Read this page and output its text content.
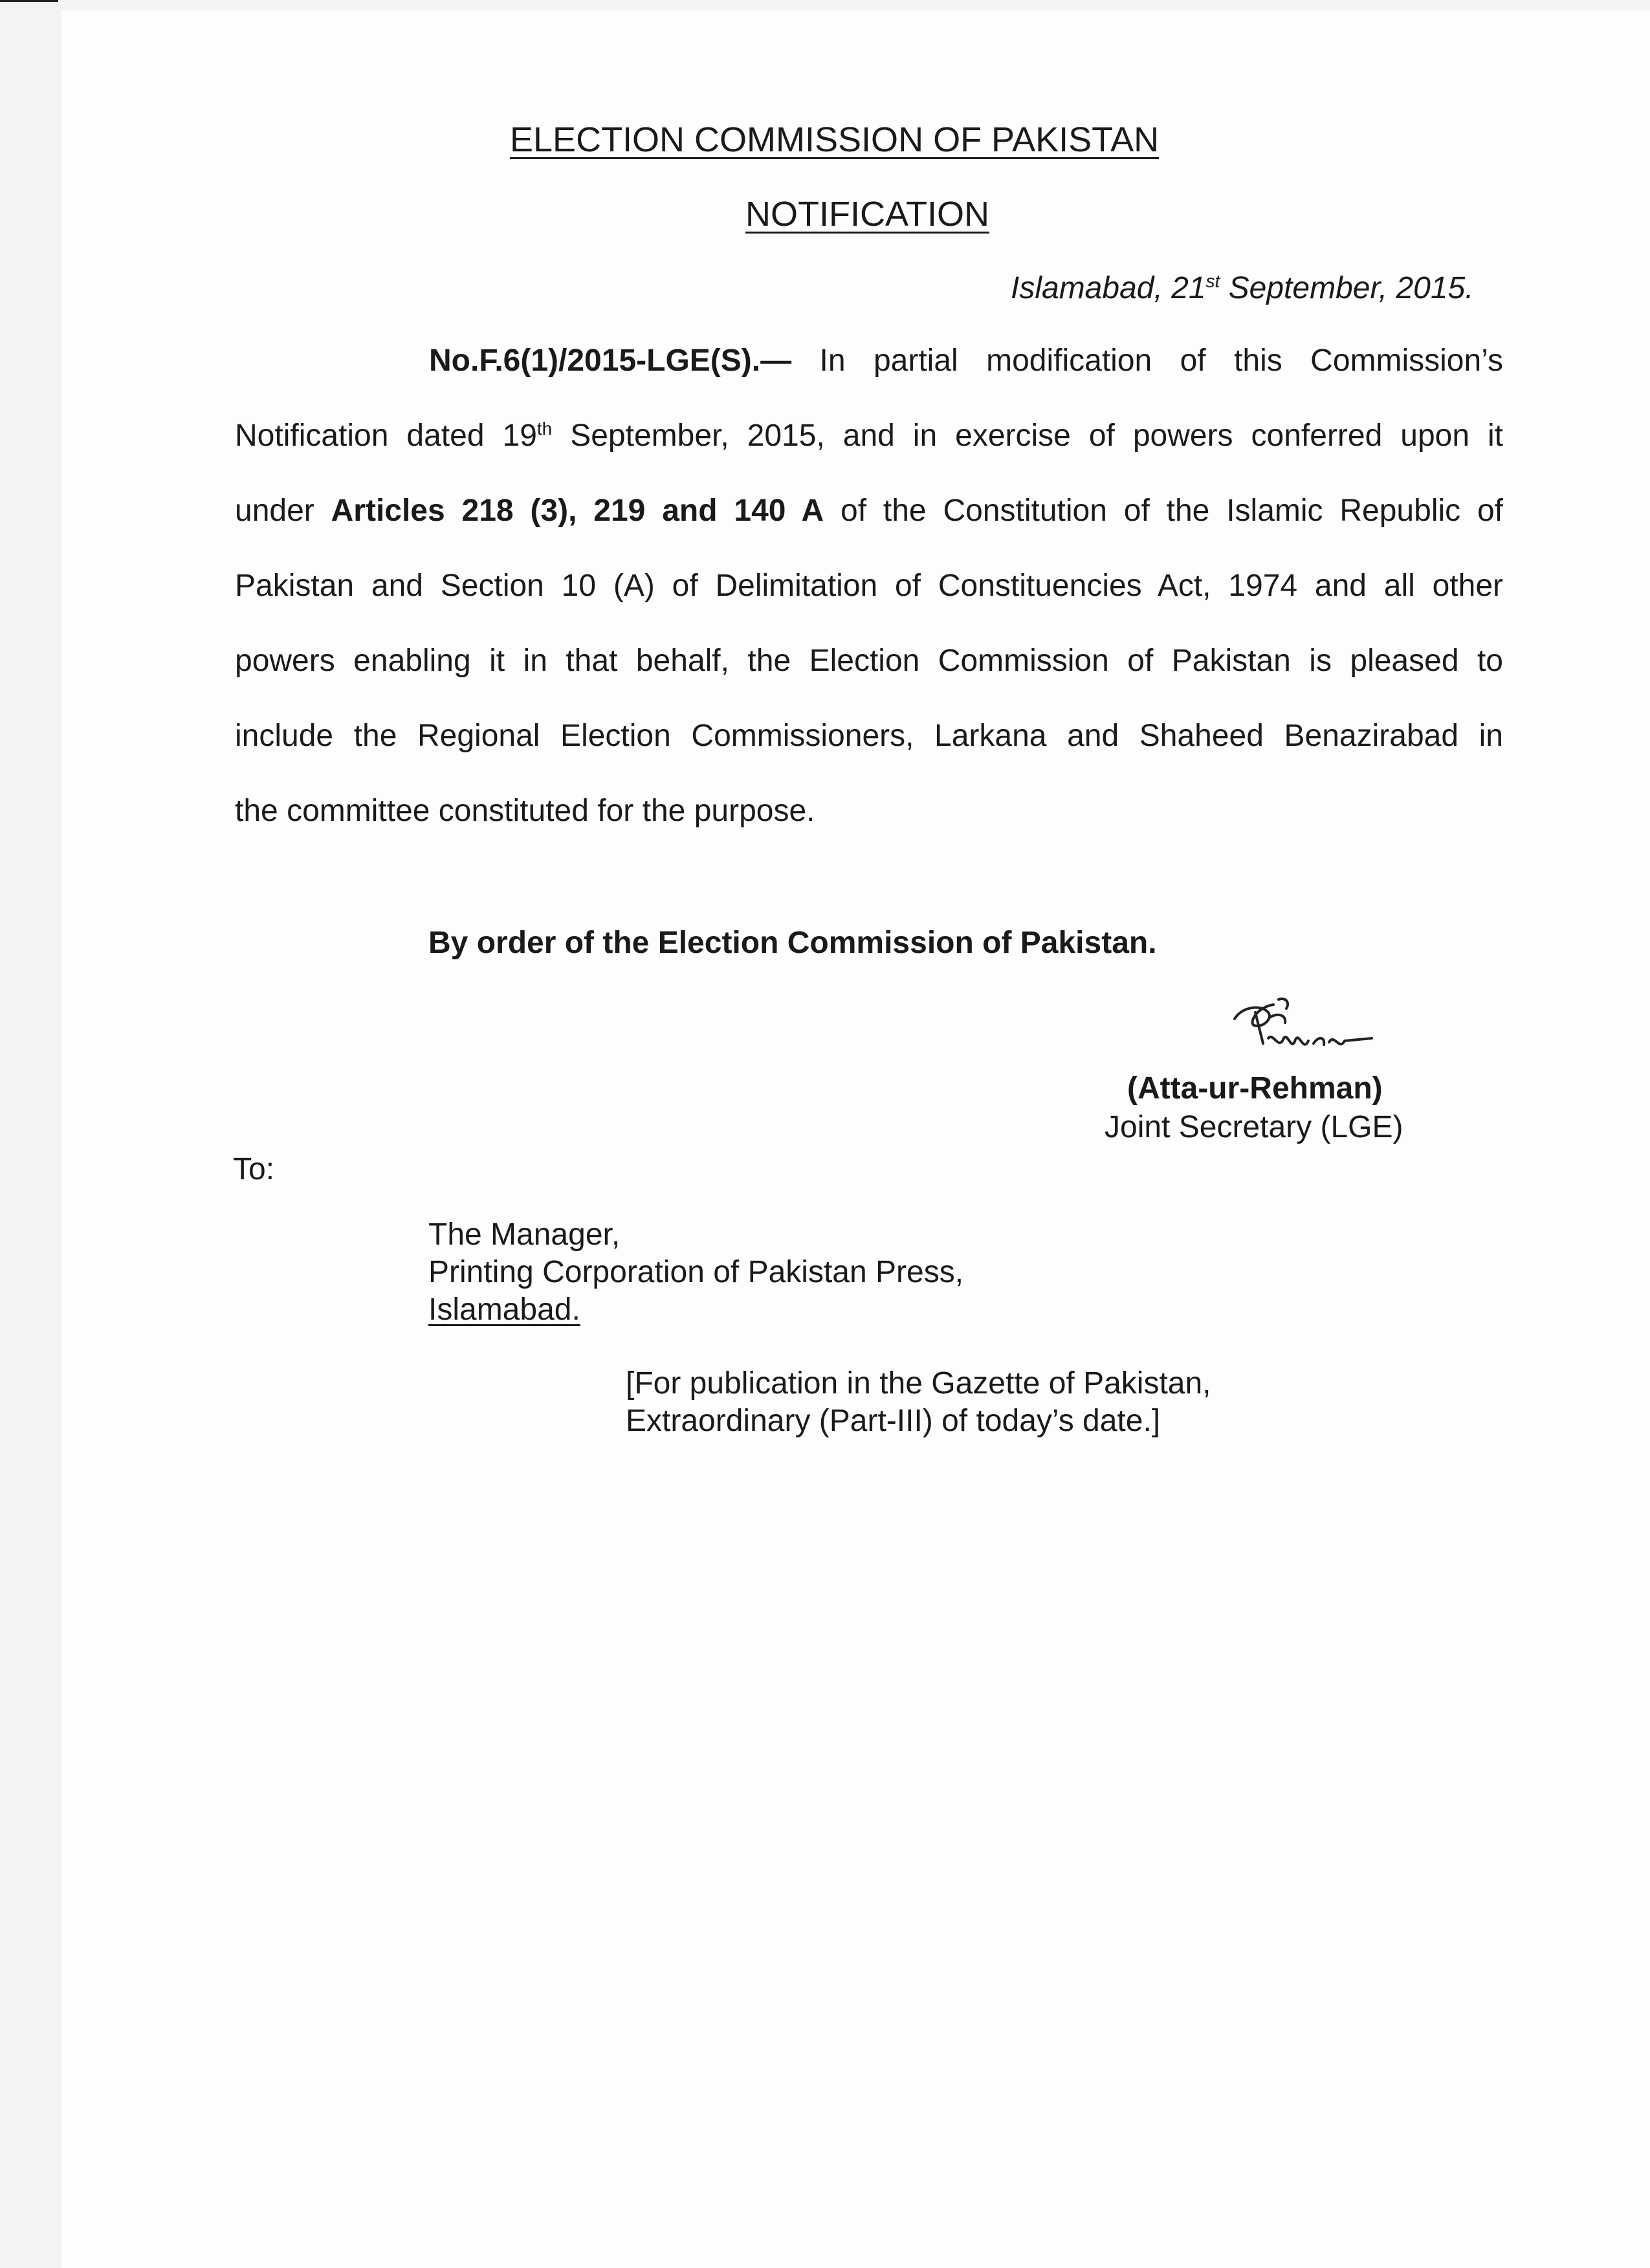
ELECTION COMMISSION OF PAKISTAN
NOTIFICATION
Islamabad, 21st September, 2015.
No.F.6(1)/2015-LGE(S).— In partial modification of this Commission’s
Notification dated 19th September, 2015, and in exercise of powers conferred upon it
under Articles 218 (3), 219 and 140 A of the Constitution of the Islamic Republic of
Pakistan and Section 10 (A) of Delimitation of Constituencies Act, 1974 and all other
powers enabling it in that behalf, the Election Commission of Pakistan is pleased to
include the Regional Election Commissioners, Larkana and Shaheed Benazirabad in
the committee constituted for the purpose.
By order of the Election Commission of Pakistan.
(Atta-ur-Rehman)
Joint Secretary (LGE)
To:
The Manager,
Printing Corporation of Pakistan Press,
Islamabad.
[For publication in the Gazette of Pakistan,
Extraordinary (Part-III) of today’s date.]
